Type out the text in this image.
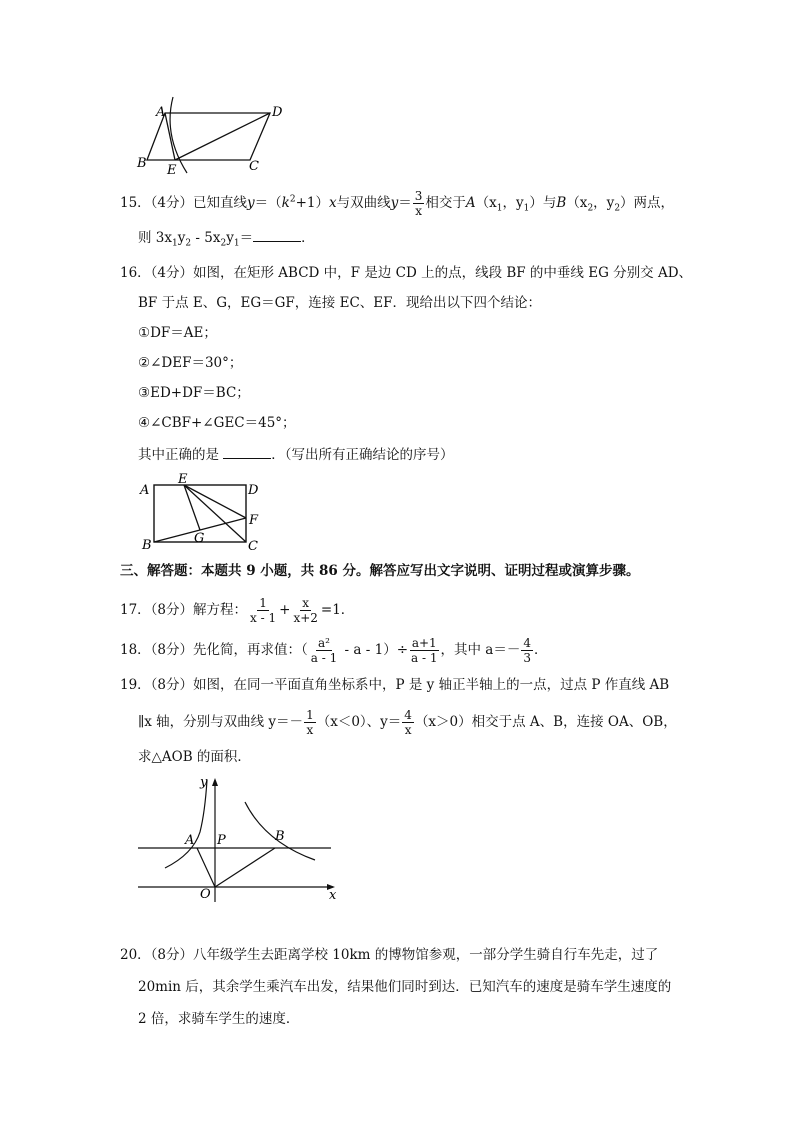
A	D
B E	C
15．（4分）已知直线$y=(k^2+1)x$与双曲线$y= \frac{3}{x}$ 相交于$A(x_1$，$y_1$）与$B(x_2$，$y_2$）两点，
则 $3x_1y_2 - 5x_2y_1=$	．
16．（4分）如图，在矩形 ABCD 中，F 是边 CD 上的点，线段 BF 的中垂线 EG 分别交 AD、
BF 于点 E、G，EG＝GF，连接 EC、EF．现给出以下四个结论：
①DF＝AE；
②∠DEF＝30°；
③ED+DF＝BC；
④∠CBF+∠GEC＝45°；
其中正确的是	．（写出所有正确结论的序号）
A
E
D
F
B	G
C
三、解答题：本题共 9 小题，共 86 分。解答应写出文字说明、证明过程或演算步骤。
17．（8分）解方程： $\frac{1}{x - 1} + \frac{x}{x+2} =1$．
18．（8分）先化简，再求值：（ $\frac{\text{a²}}{a - 1} - a - 1)\div \frac{a+1}{a - 1}$ ，其中 $a=- \frac{4}{3}$ ．
19．（8分）如图，在同一平面直角坐标系中，P 是 y 轴正半轴上的一点，过点 P 作直线 AB
∥x 轴，分别与双曲线 $y=- \frac{1}{x} (x<0)$、$y= \frac{4}{x} (x>0)$相交于点 A、B，连接 OA、OB，
求△AOB 的面积．
y
x
A P	B
O
20．（8分）八年级学生去距离学校 10km 的博物馆参观，一部分学生骑自行车先走，过了
20min 后，其余学生乘汽车出发，结果他们同时到达．已知汽车的速度是骑车学生速度的
2 倍，求骑车学生的速度．
